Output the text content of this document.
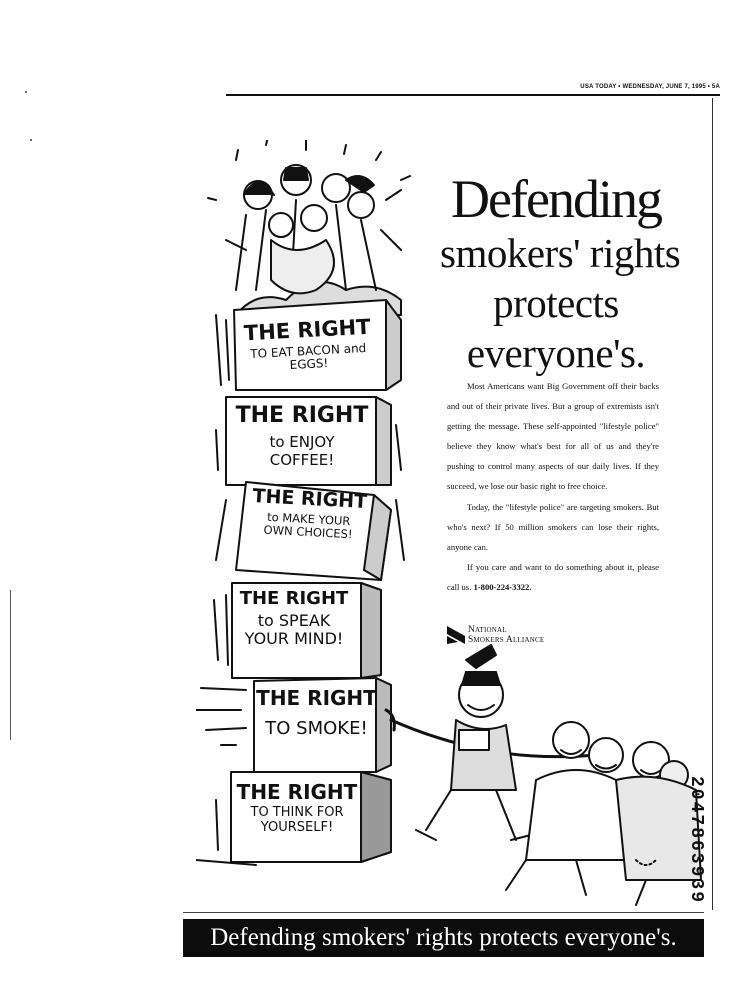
USA TODAY • WEDNESDAY, JUNE 7, 1995 • 5A
THE RIGHT
TO EAT BACON and EGGS!
THE RIGHT
to ENJOY COFFEE!
THE RIGHT
to MAKE YOUR OWN CHOICES!
THE RIGHT
to SPEAK YOUR MIND!
THE RIGHT
TO SMOKE!
THE RIGHT
TO THINK FOR YOURSELF!
Defending
smokers' rights
protects
everyone's.

Most Americans want Big Government off their backs and out of their private lives. But a group of extremists isn't getting the message. These self-appointed "lifestyle police" believe they know what's best for all of us and they're pushing to control many aspects of our daily lives. If they succeed, we lose our basic right to free choice.

Today, the "lifestyle police" are targeting smokers. But who's next? If 50 million smokers can lose their rights, anyone can.

If you care and want to do something about it, please call us. 1-800-224-3322.

National
Smokers Alliance
2047863939
Defending smokers' rights protects everyone's.
